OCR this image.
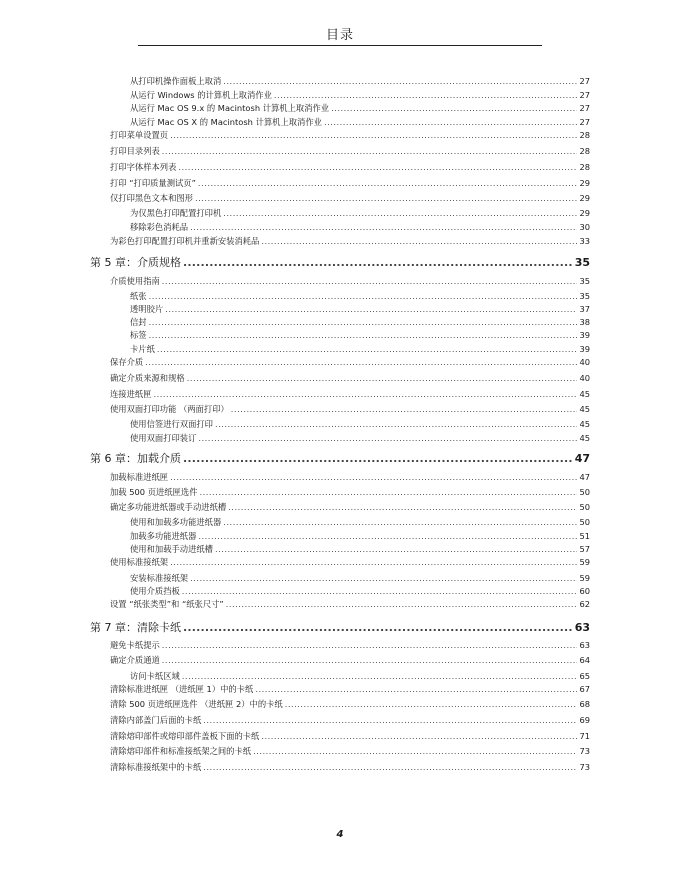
目录
从打印机操作面板上取消 .....	27
从运行 Windows 的计算机上取消作业 .....	27
从运行 Mac OS 9.x 的 Macintosh 计算机上取消作业 .....	27
从运行 Mac OS X 的 Macintosh 计算机上取消作业 .....	27
打印菜单设置页 .....	28
打印目录列表 .....	28
打印字体样本列表 .....	28
打印 “打印质量测试页” .....	29
仅打印黑色文本和图形 .....	29
为仅黑色打印配置打印机 .....	29
移除彩色消耗品 .....	30
为彩色打印配置打印机并重新安装消耗品 .....	33
第 5 章：介质规格 .....	35
介质使用指南 .....	35
纸张 .....	35
透明胶片 .....	37
信封 .....	38
标签 .....	39
卡片纸 .....	39
保存介质 .....	40
确定介质来源和规格 .....	40
连接进纸匣 .....	45
使用双面打印功能 （两面打印） .....	45
使用信签进行双面打印 .....	45
使用双面打印装订 .....	45
第 6 章：加载介质 .....	47
加载标准进纸匣 .....	47
加载 500 页进纸匣选件 .....	50
确定多功能进纸器或手动进纸槽 .....	50
使用和加载多功能进纸器 .....	50
加载多功能进纸器 .....	51
使用和加载手动进纸槽 .....	57
使用标准接纸架 .....	59
安装标准接纸架 .....	59
使用介质挡板 .....	60
设置 “纸张类型”和 “纸张尺寸” .....	62
第 7 章：清除卡纸 .....	63
避免卡纸提示 .....	63
确定介质通道 .....	64
访问卡纸区域 .....	65
清除标准进纸匣 （进纸匣 1）中的卡纸 .....	67
清除 500 页进纸匣选件 （进纸匣 2）中的卡纸 .....	68
清除内部盖门后面的卡纸 .....	69
清除熔印部件或熔印部件盖板下面的卡纸 .....	71
清除熔印部件和标准接纸架之间的卡纸 .....	73
清除标准接纸架中的卡纸 .....	73
4
